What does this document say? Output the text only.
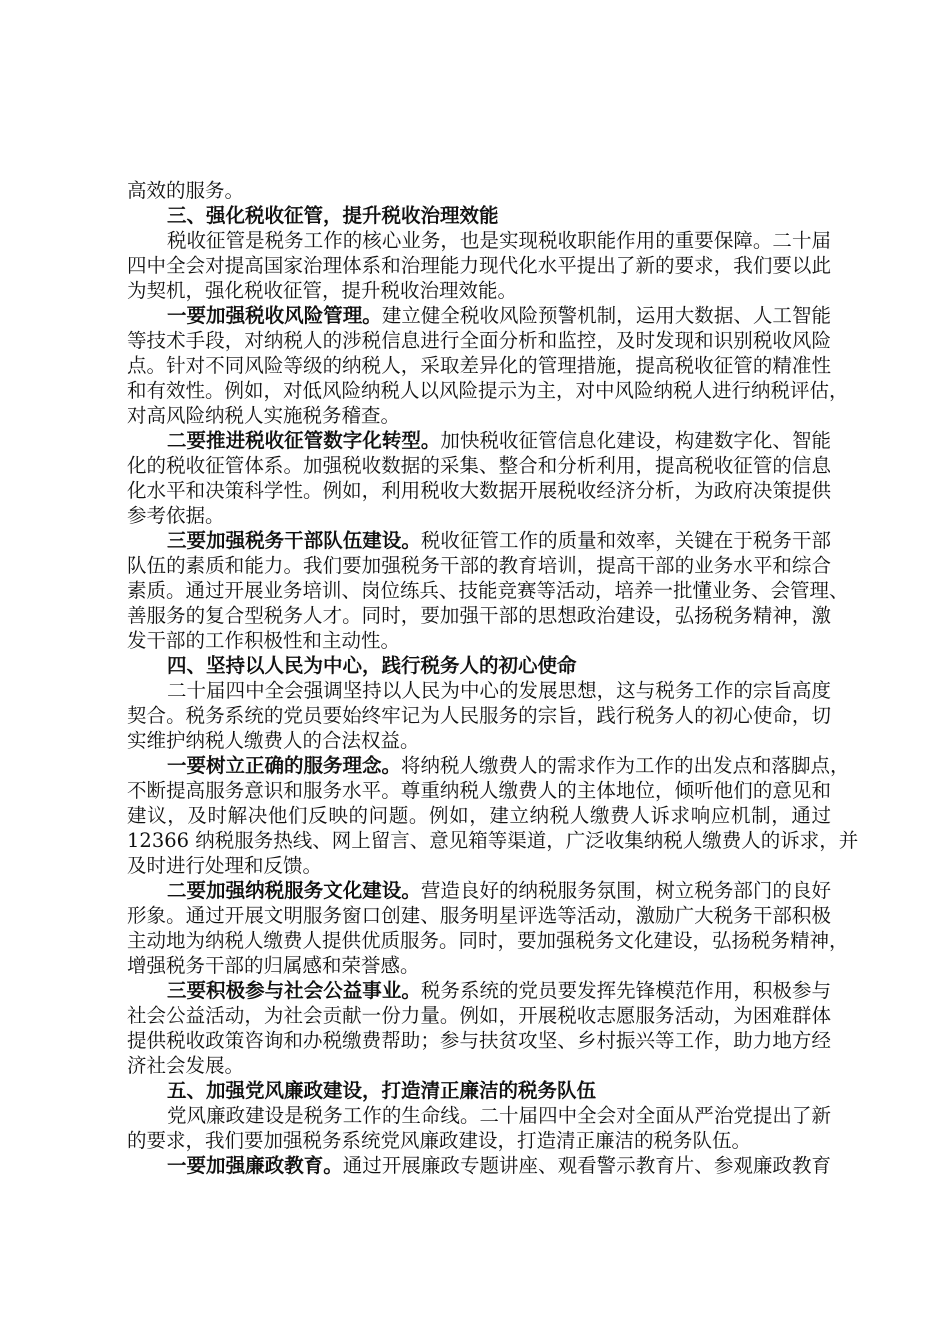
高效的服务。
三、强化税收征管，提升税收治理效能
税收征管是税务工作的核心业务，也是实现税收职能作用的重要保障。二十届
四中全会对提高国家治理体系和治理能力现代化水平提出了新的要求，我们要以此
为契机，强化税收征管，提升税收治理效能。
一要加强税收风险管理。建立健全税收风险预警机制，运用大数据、人工智能
等技术手段，对纳税人的涉税信息进行全面分析和监控，及时发现和识别税收风险
点。针对不同风险等级的纳税人，采取差异化的管理措施，提高税收征管的精准性
和有效性。例如，对低风险纳税人以风险提示为主，对中风险纳税人进行纳税评估，
对高风险纳税人实施税务稽查。
二要推进税收征管数字化转型。加快税收征管信息化建设，构建数字化、智能
化的税收征管体系。加强税收数据的采集、整合和分析利用，提高税收征管的信息
化水平和决策科学性。例如，利用税收大数据开展税收经济分析，为政府决策提供
参考依据。
三要加强税务干部队伍建设。税收征管工作的质量和效率，关键在于税务干部
队伍的素质和能力。我们要加强税务干部的教育培训，提高干部的业务水平和综合
素质。通过开展业务培训、岗位练兵、技能竞赛等活动，培养一批懂业务、会管理、
善服务的复合型税务人才。同时，要加强干部的思想政治建设，弘扬税务精神，激
发干部的工作积极性和主动性。
四、坚持以人民为中心，践行税务人的初心使命
二十届四中全会强调坚持以人民为中心的发展思想，这与税务工作的宗旨高度
契合。税务系统的党员要始终牢记为人民服务的宗旨，践行税务人的初心使命，切
实维护纳税人缴费人的合法权益。
一要树立正确的服务理念。将纳税人缴费人的需求作为工作的出发点和落脚点，
不断提高服务意识和服务水平。尊重纳税人缴费人的主体地位，倾听他们的意见和
建议，及时解决他们反映的问题。例如，建立纳税人缴费人诉求响应机制，通过
12366 纳税服务热线、网上留言、意见箱等渠道，广泛收集纳税人缴费人的诉求，并
及时进行处理和反馈。
二要加强纳税服务文化建设。营造良好的纳税服务氛围，树立税务部门的良好
形象。通过开展文明服务窗口创建、服务明星评选等活动，激励广大税务干部积极
主动地为纳税人缴费人提供优质服务。同时，要加强税务文化建设，弘扬税务精神，
增强税务干部的归属感和荣誉感。
三要积极参与社会公益事业。税务系统的党员要发挥先锋模范作用，积极参与
社会公益活动，为社会贡献一份力量。例如，开展税收志愿服务活动，为困难群体
提供税收政策咨询和办税缴费帮助；参与扶贫攻坚、乡村振兴等工作，助力地方经
济社会发展。
五、加强党风廉政建设，打造清正廉洁的税务队伍
党风廉政建设是税务工作的生命线。二十届四中全会对全面从严治党提出了新
的要求，我们要加强税务系统党风廉政建设，打造清正廉洁的税务队伍。
一要加强廉政教育。通过开展廉政专题讲座、观看警示教育片、参观廉政教育
